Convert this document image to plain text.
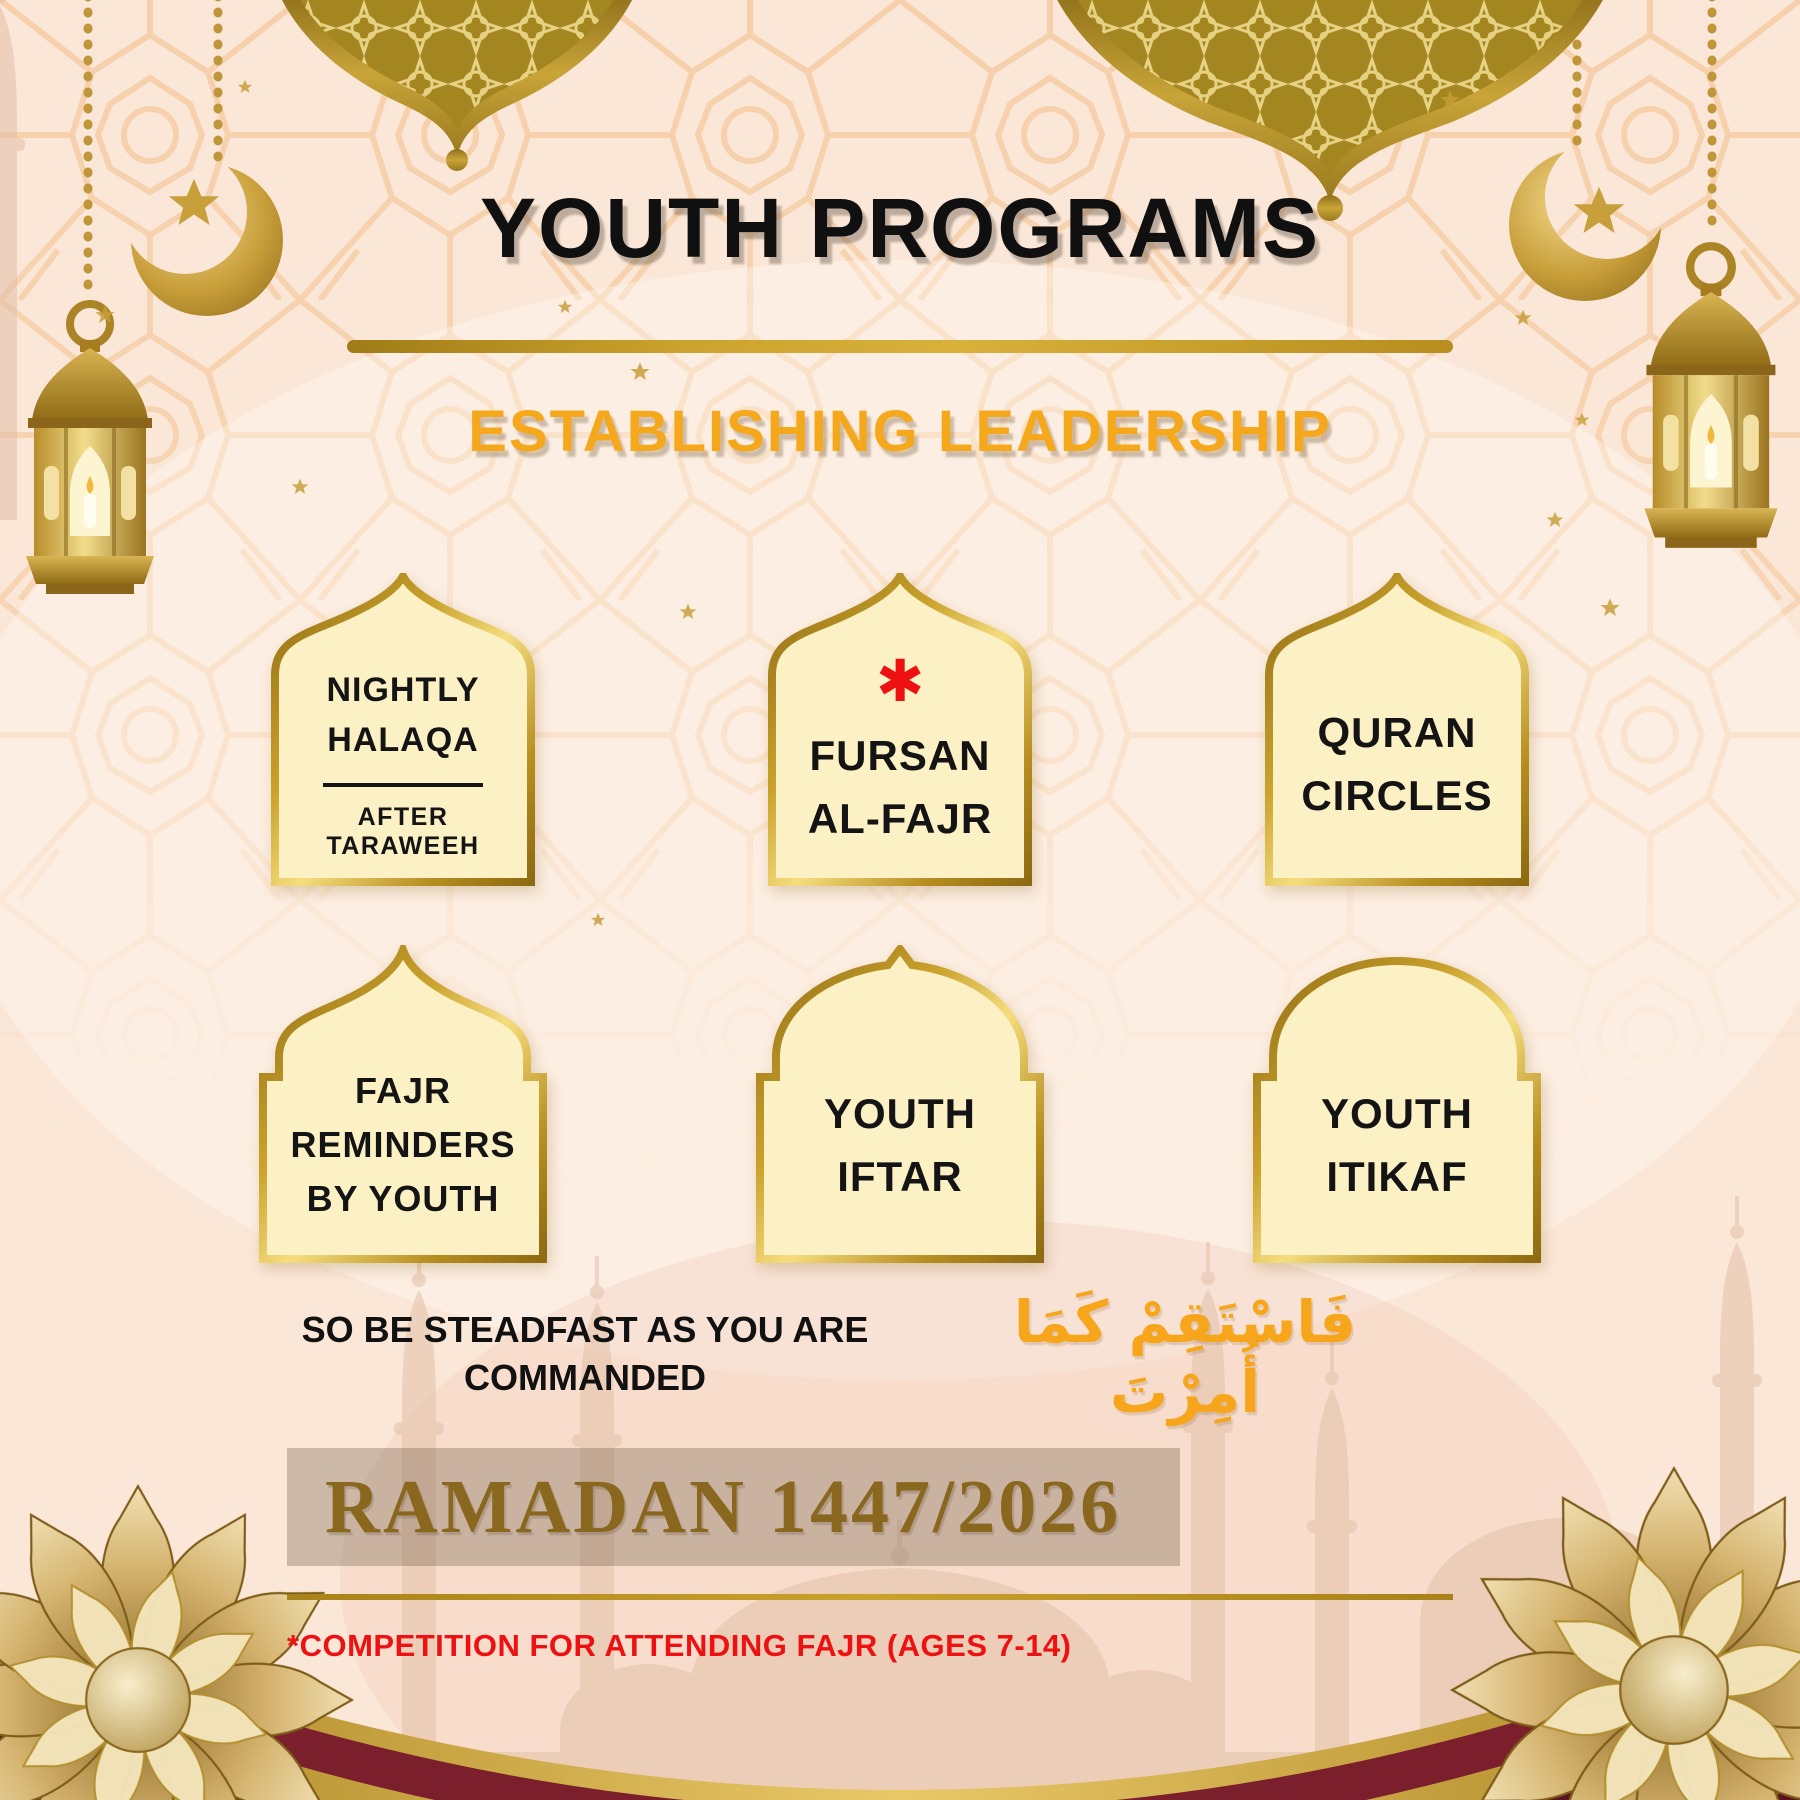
YOUTH PROGRAMS
ESTABLISHING LEADERSHIP
NIGHTLY HALAQA
AFTER TARAWEEH
✱
FURSAN AL-FAJR
QURAN CIRCLES
FAJR REMINDERS BY YOUTH
YOUTH IFTAR
YOUTH ITIKAF
SO BE STEADFAST AS YOU ARE COMMANDED
فَاسْتَقِمْ كَمَا أُمِرْتَ
RAMADAN 1447/2026
*COMPETITION FOR ATTENDING FAJR (AGES 7-14)
